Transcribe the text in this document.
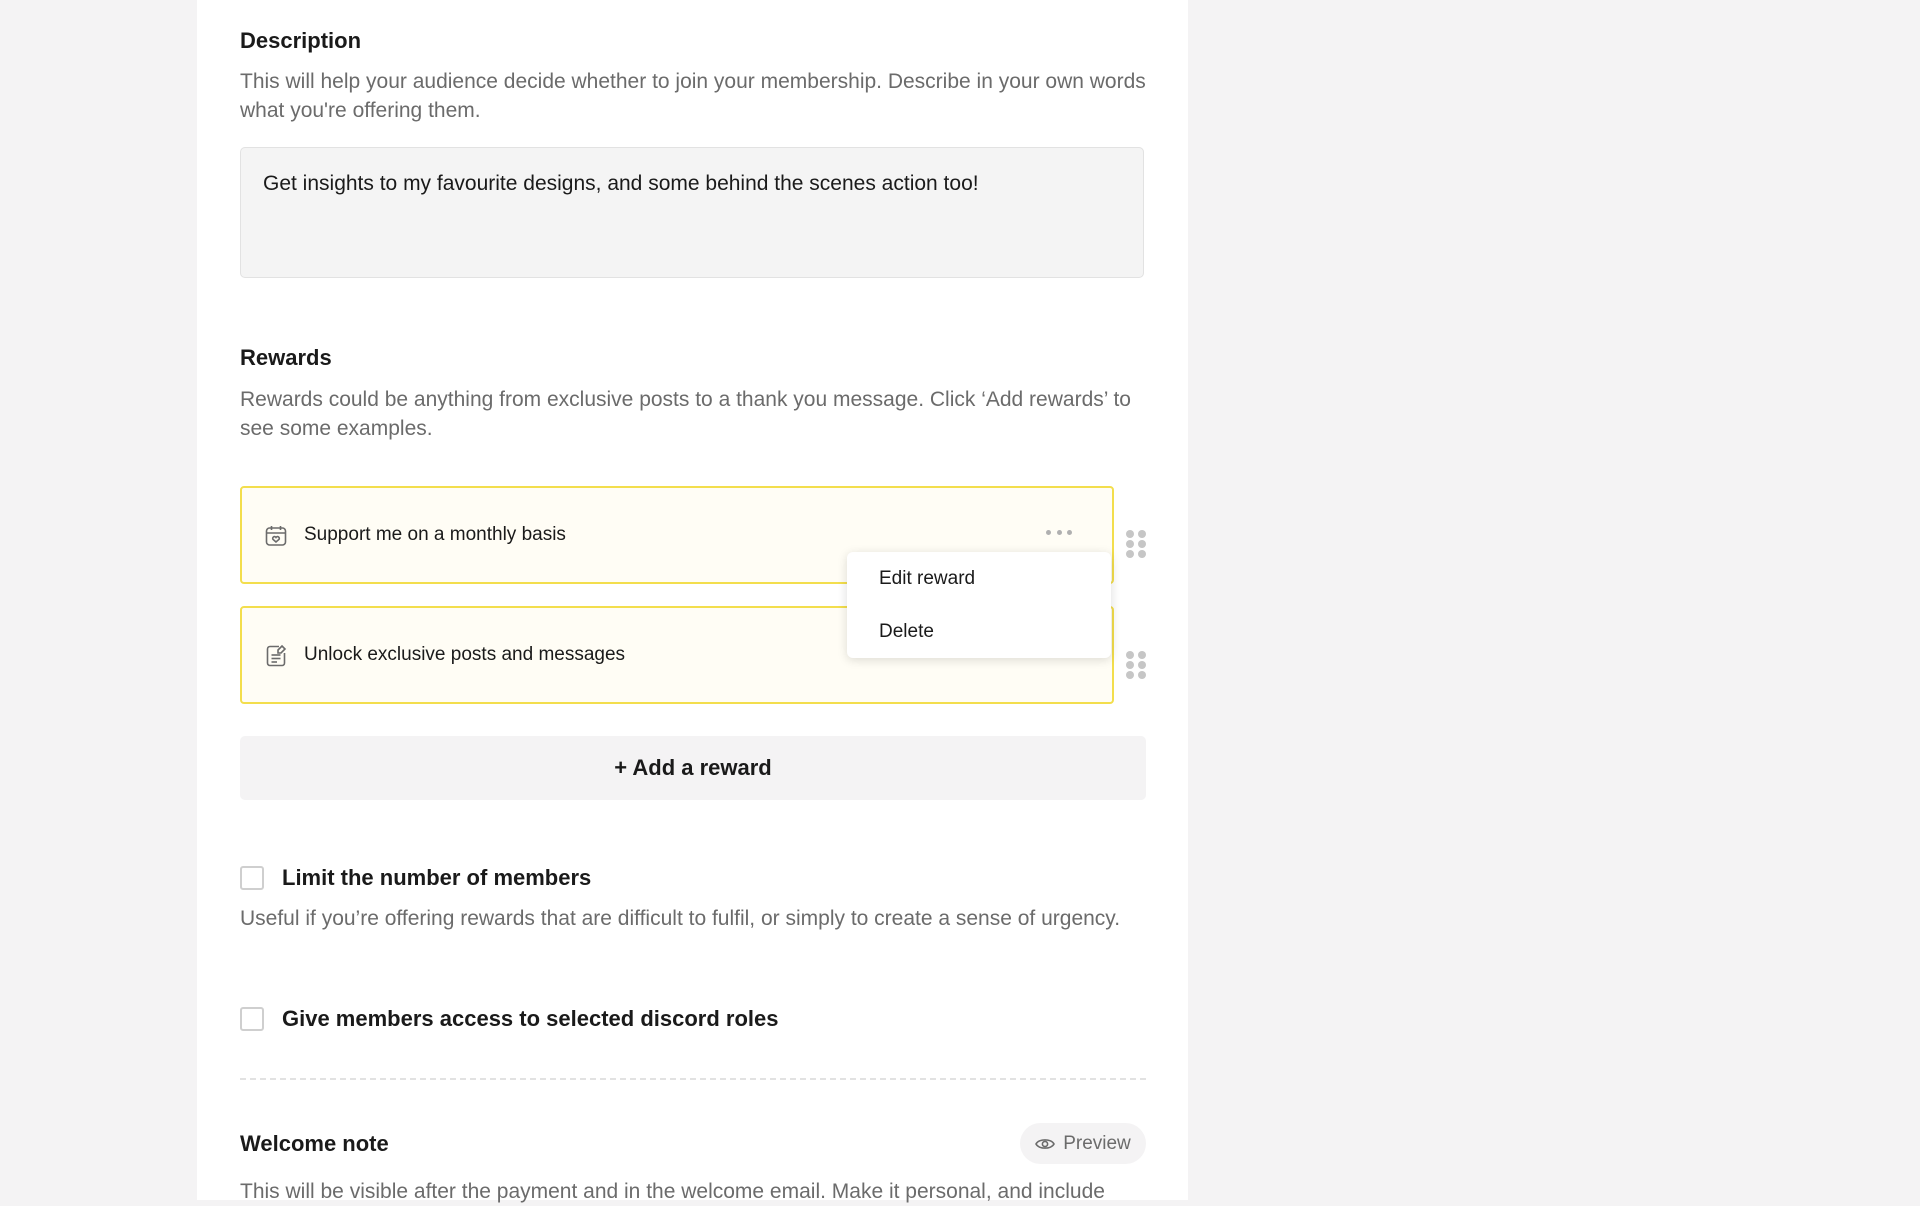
Description
This will help your audience decide whether to join your membership. Describe in your own words what you're offering them.
Get insights to my favourite designs, and some behind the scenes action too!
Rewards
Rewards could be anything from exclusive posts to a thank you message. Click ‘Add rewards’ to see some examples.
Support me on a monthly basis
Unlock exclusive posts and messages
Edit reward
Delete
+ Add a reward
Limit the number of members
Useful if you’re offering rewards that are difficult to fulfil, or simply to create a sense of urgency.
Give members access to selected discord roles
Welcome note	Preview
This will be visible after the payment and in the welcome email. Make it personal, and include
